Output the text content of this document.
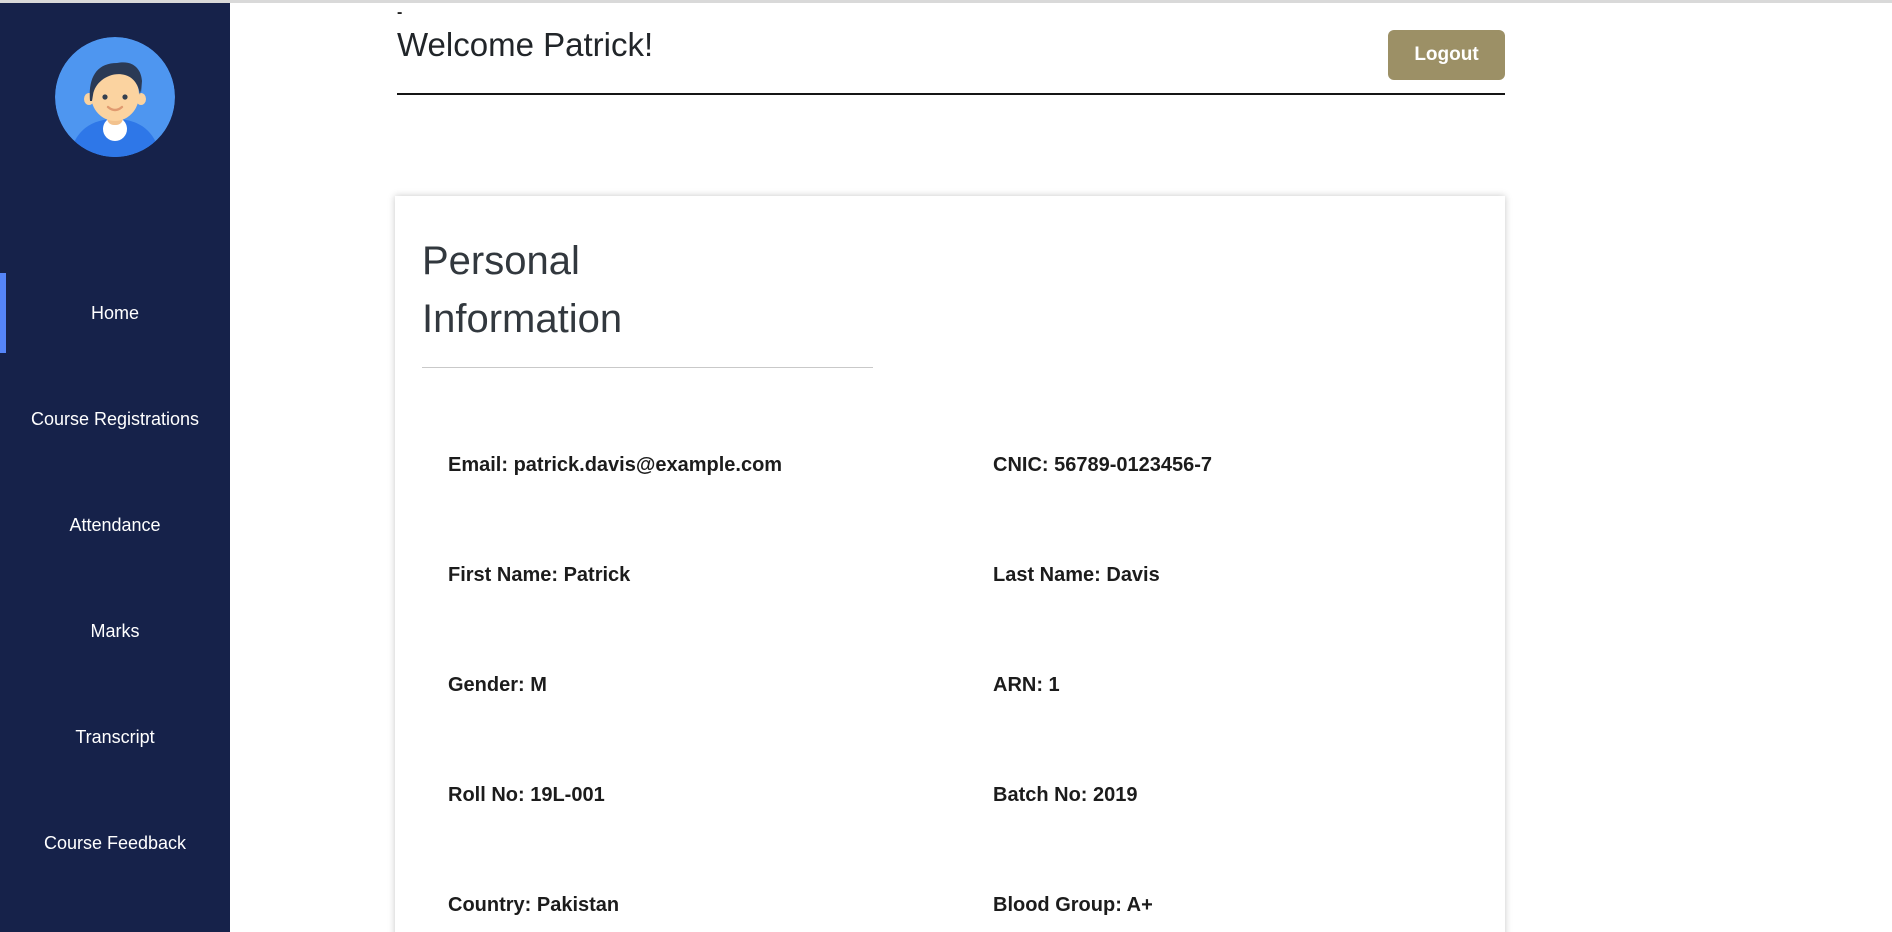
Home
Course Registrations
Attendance
Marks
Transcript
Course Feedback
-
Welcome Patrick!	Logout
Personal Information
Email: patrick.davis@example.com	CNIC: 56789-0123456-7
First Name: Patrick	Last Name: Davis
Gender: M	ARN: 1
Roll No: 19L-001	Batch No: 2019
Country: Pakistan	Blood Group: A+
